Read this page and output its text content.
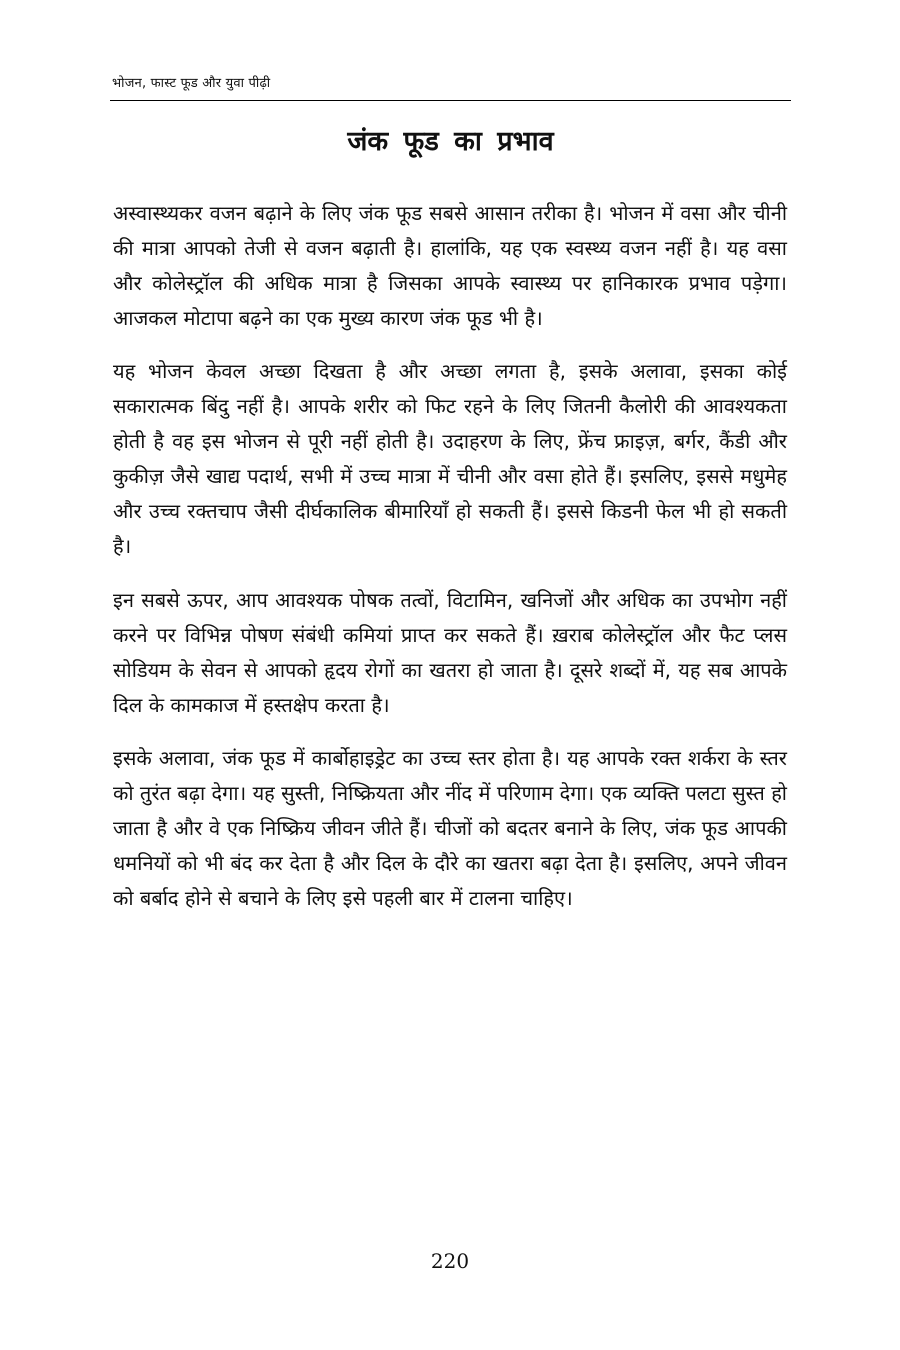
भोजन, फास्ट फूड और युवा पीढ़ी
जंक फूड का प्रभाव

अस्वास्थ्यकर वजन बढ़ाने के लिए जंक फूड सबसे आसान तरीका है। भोजन में वसा और चीनी की मात्रा आपको तेजी से वजन बढ़ाती है। हालांकि, यह एक स्वस्थ्य वजन नहीं है। यह वसा और कोलेस्ट्रॉल की अधिक मात्रा है जिसका आपके स्वास्थ्य पर हानिकारक प्रभाव पड़ेगा। आजकल मोटापा बढ़ने का एक मुख्य कारण जंक फूड भी है।

यह भोजन केवल अच्छा दिखता है और अच्छा लगता है, इसके अलावा, इसका कोई सकारात्मक बिंदु नहीं है। आपके शरीर को फिट रहने के लिए जितनी कैलोरी की आवश्यकता होती है वह इस भोजन से पूरी नहीं होती है। उदाहरण के लिए, फ्रेंच फ्राइज़, बर्गर, कैंडी और कुकीज़ जैसे खाद्य पदार्थ, सभी में उच्च मात्रा में चीनी और वसा होते हैं। इसलिए, इससे मधुमेह और उच्च रक्तचाप जैसी दीर्घकालिक बीमारियाँ हो सकती हैं। इससे किडनी फेल भी हो सकती है।

इन सबसे ऊपर, आप आवश्यक पोषक तत्वों, विटामिन, खनिजों और अधिक का उपभोग नहीं करने पर विभिन्न पोषण संबंधी कमियां प्राप्त कर सकते हैं। ख़राब कोलेस्ट्रॉल और फैट प्लस सोडियम के सेवन से आपको हृदय रोगों का खतरा हो जाता है। दूसरे शब्दों में, यह सब आपके दिल के कामकाज में हस्तक्षेप करता है।

इसके अलावा, जंक फूड में कार्बोहाइड्रेट का उच्च स्तर होता है। यह आपके रक्त शर्करा के स्तर को तुरंत बढ़ा देगा। यह सुस्ती, निष्क्रियता और नींद में परिणाम देगा। एक व्यक्ति पलटा सुस्त हो जाता है और वे एक निष्क्रिय जीवन जीते हैं। चीजों को बदतर बनाने के लिए, जंक फूड आपकी धमनियों को भी बंद कर देता है और दिल के दौरे का खतरा बढ़ा देता है। इसलिए, अपने जीवन को बर्बाद होने से बचाने के लिए इसे पहली बार में टालना चाहिए।

220
